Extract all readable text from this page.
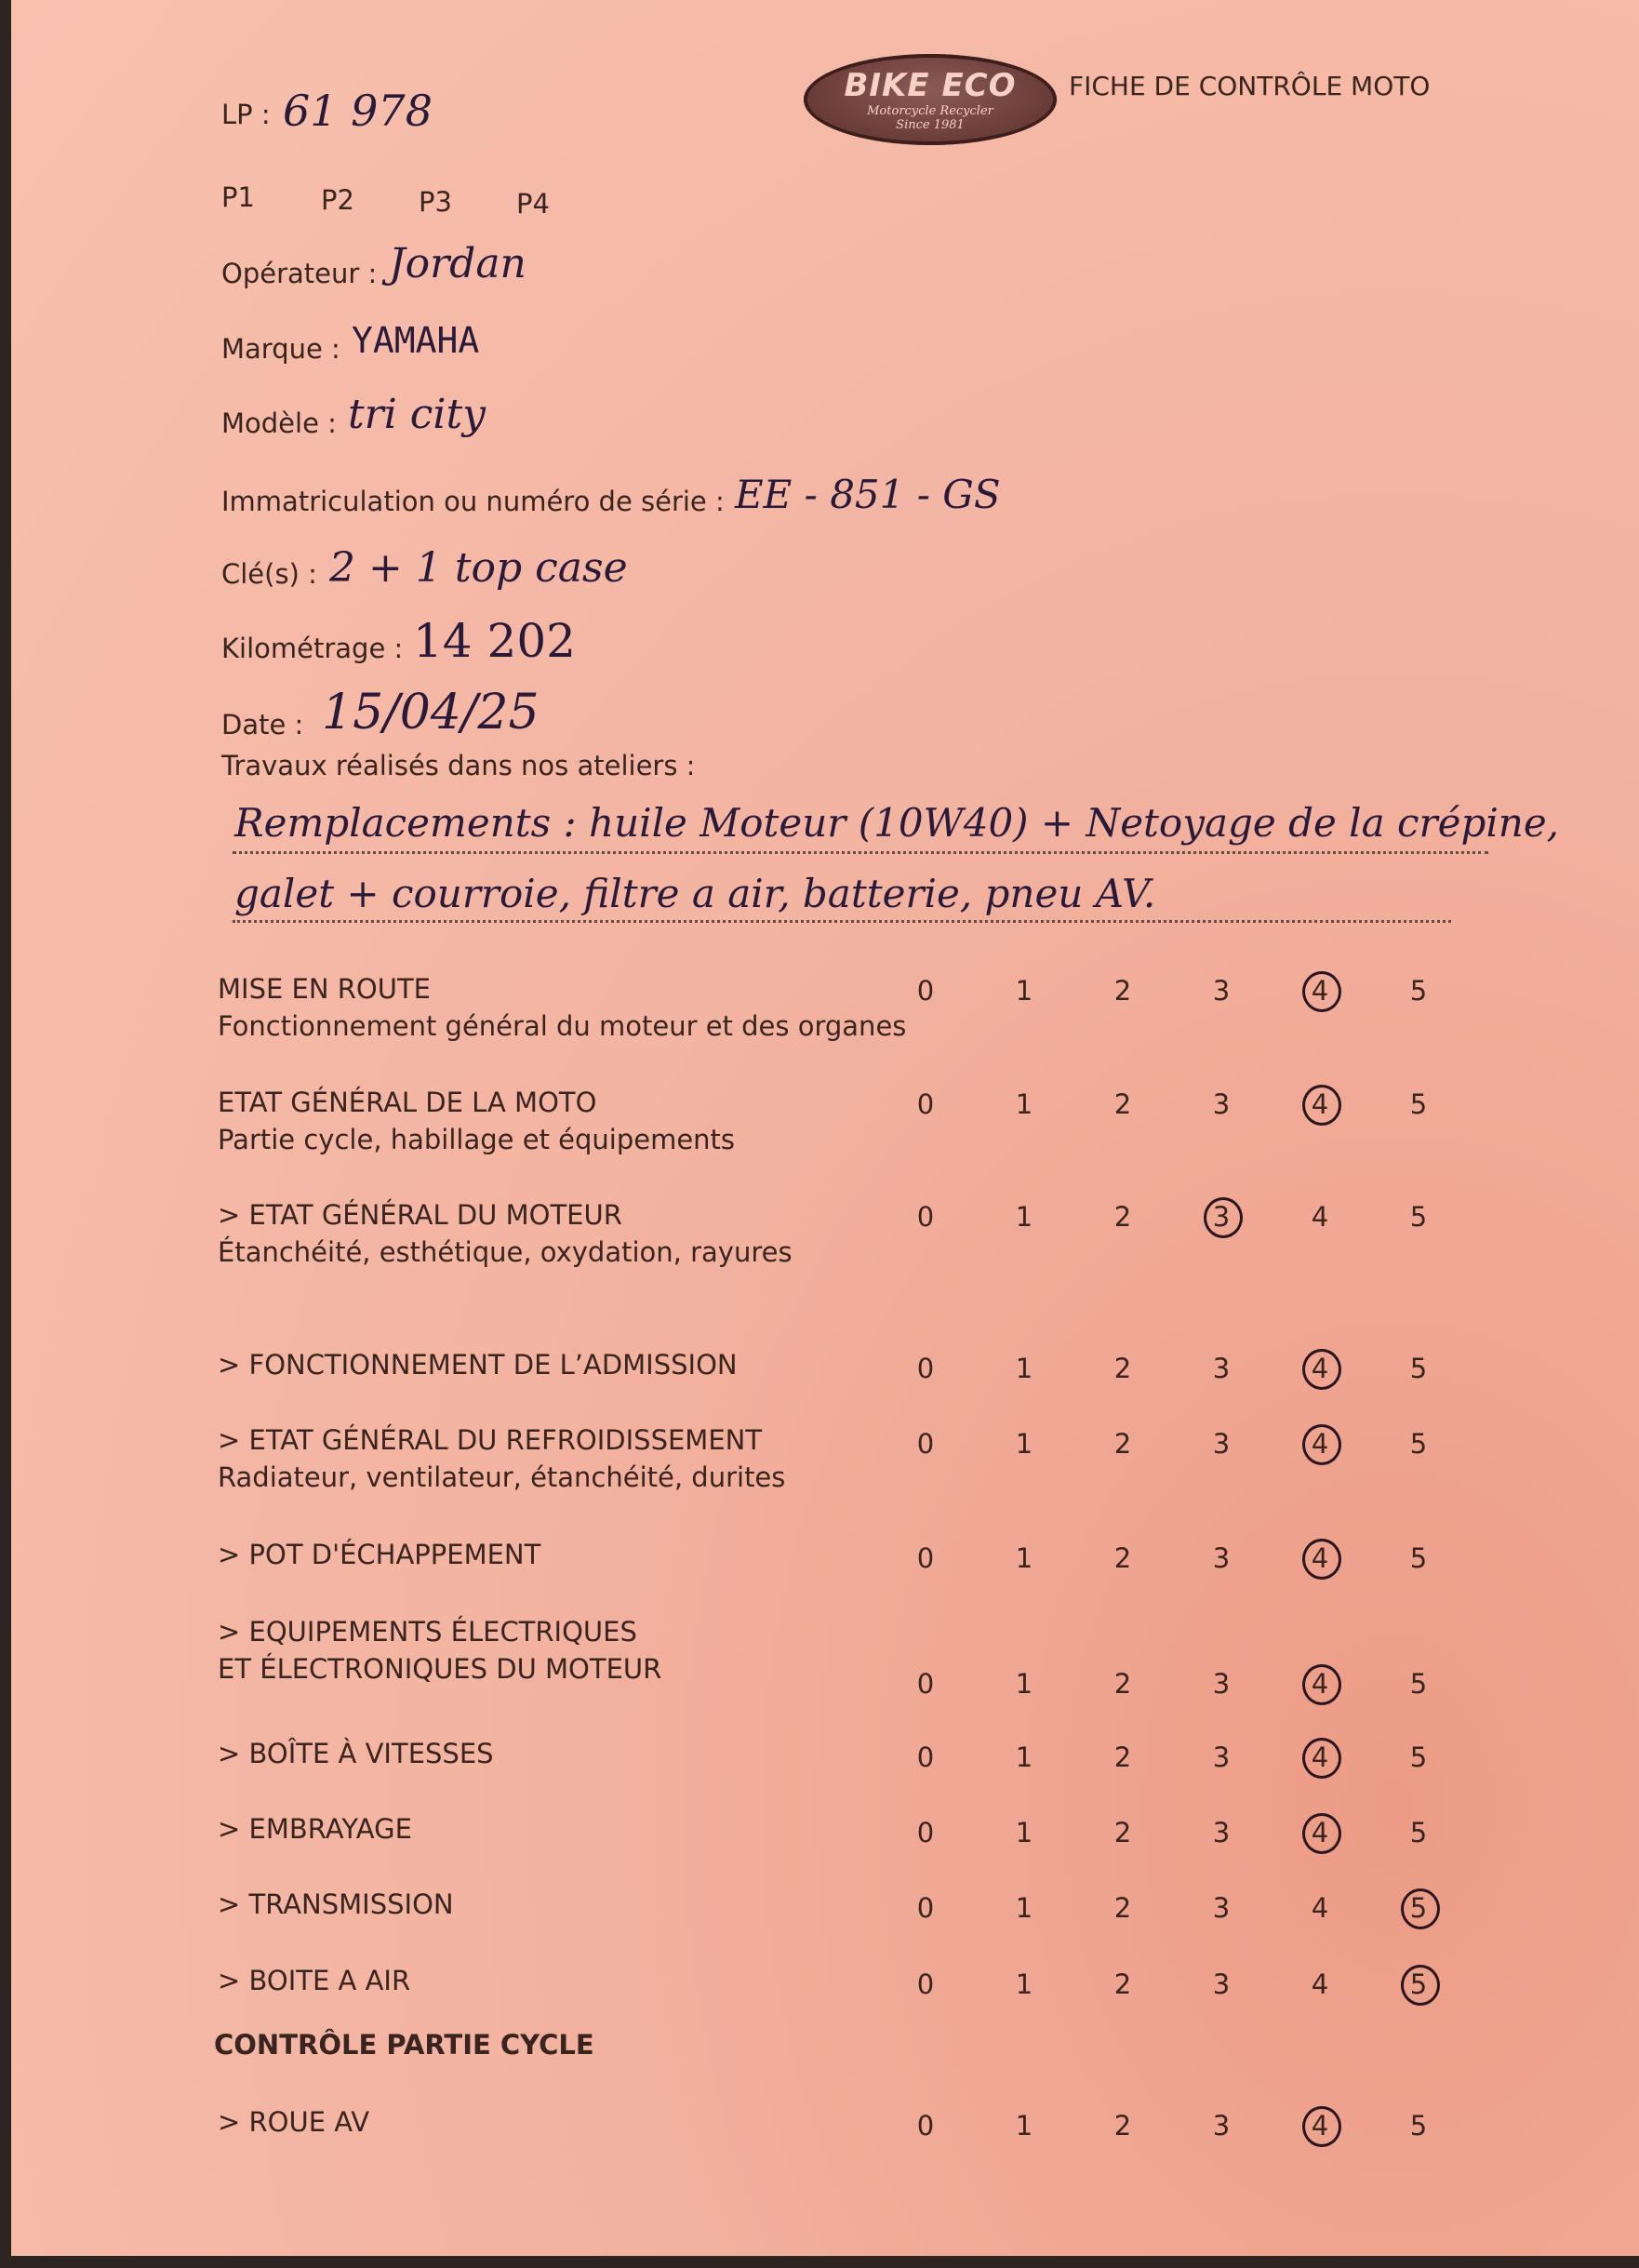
LP : 61 978	BIKE ECO
Motorcycle Recycler
Since 1981
FICHE DE CONTRÔLE MOTO
P1 P2 P3 P4
Opérateur : Jordan
Marque : YAMAHA
Modèle : tri city
Immatriculation ou numéro de série : EE - 851 - GS
Clé(s) : 2 + 1 top case
Kilométrage : 14 202
Date : 15/04/25
Travaux réalisés dans nos ateliers :
Remplacements : huile Moteur (10W40) + Netoyage de la crépine,
galet + courroie, filtre a air, batterie, pneu AV.
MISE EN ROUTE
Fonctionnement général du moteur et des organes
0	1	2	3	4	5
ETAT GÉNÉRAL DE LA MOTO
Partie cycle, habillage et équipements
0	1	2	3	4	5
> ETAT GÉNÉRAL DU MOTEUR
Étanchéité, esthétique, oxydation, rayures
0	1	2	3	4	5
> FONCTIONNEMENT DE L’ADMISSION	0	1	2	3	4	5
> ETAT GÉNÉRAL DU REFROIDISSEMENT
Radiateur, ventilateur, étanchéité, durites
0	1	2	3	4	5
> POT D'ÉCHAPPEMENT	0	1	2	3	4	5
> EQUIPEMENTS ÉLECTRIQUES
ET ÉLECTRONIQUES DU MOTEUR	0	1	2	3	4	5
> BOÎTE À VITESSES	0	1	2	3	4	5
> EMBRAYAGE	0	1	2	3	4	5
> TRANSMISSION	0	1	2	3	4	5
> BOITE A AIR	0	1	2	3	4	5
CONTRÔLE PARTIE CYCLE
> ROUE AV	0	1	2	3	4	5
